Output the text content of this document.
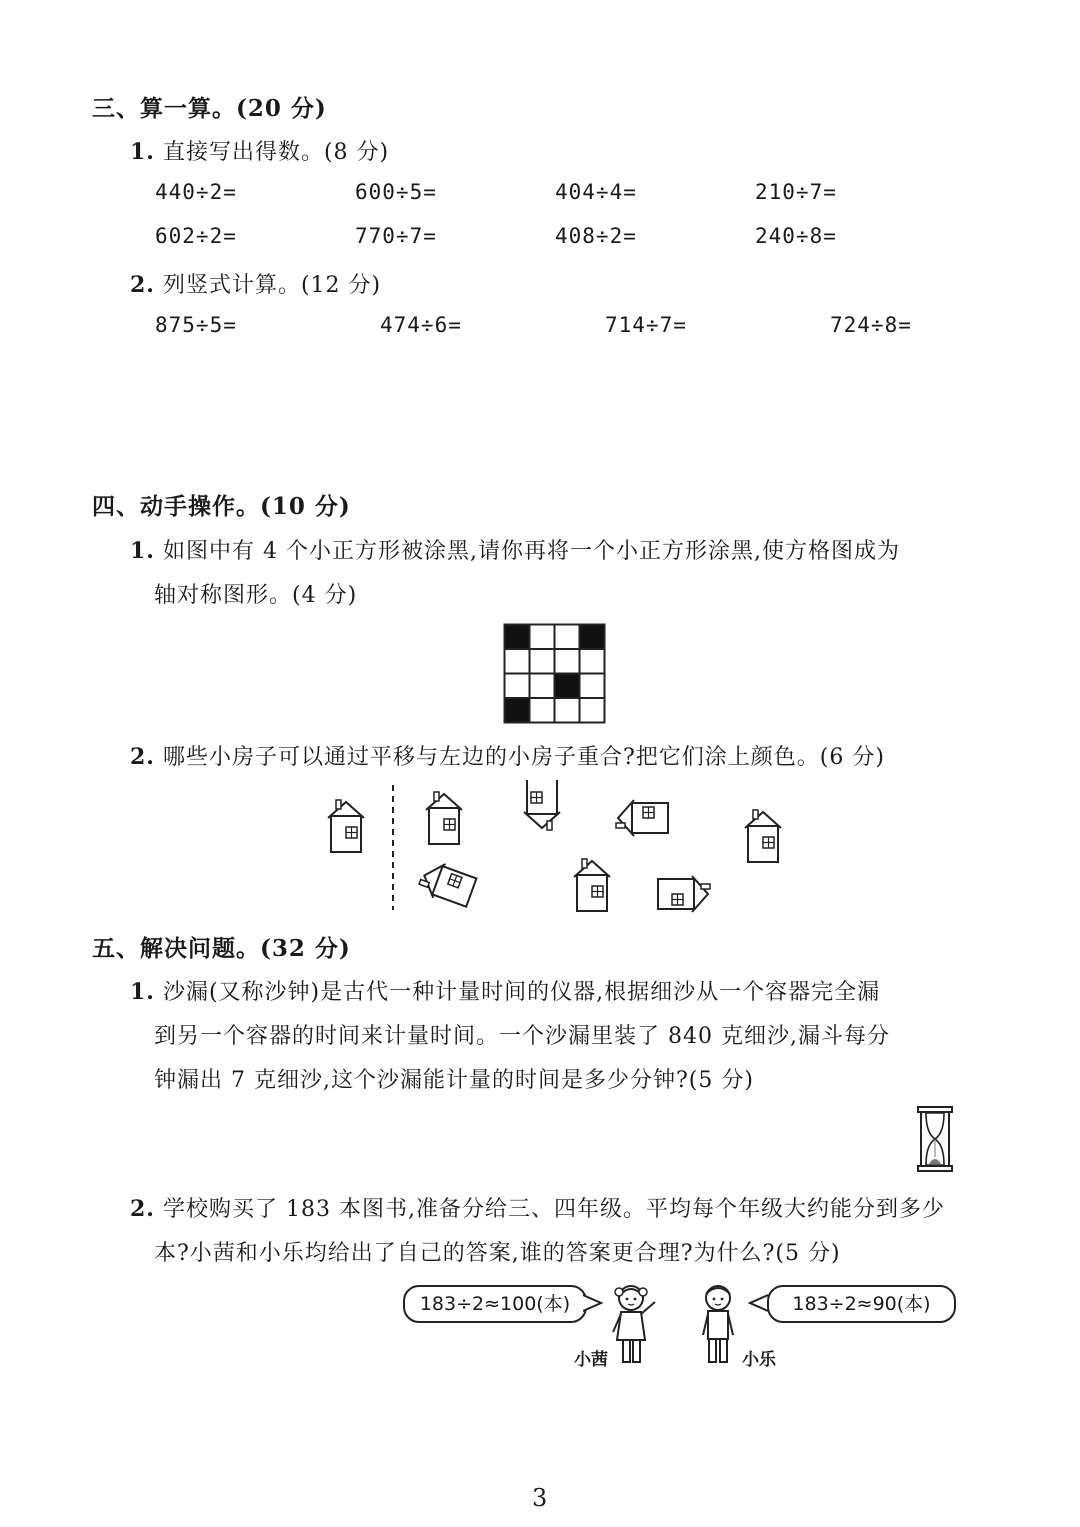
三、算一算。(20 分)
1. 直接写出得数。(8 分)
440÷2=	600÷5=	404÷4=	210÷7=
602÷2=	770÷7=	408÷2=	240÷8=
2. 列竖式计算。(12 分)
875÷5=	474÷6=	714÷7=	724÷8=
四、动手操作。(10 分)
1. 如图中有 4 个小正方形被涂黑,请你再将一个小正方形涂黑,使方格图成为
轴对称图形。(4 分)
2. 哪些小房子可以通过平移与左边的小房子重合?把它们涂上颜色。(6 分)
五、解决问题。(32 分)
1. 沙漏(又称沙钟)是古代一种计量时间的仪器,根据细沙从一个容器完全漏
到另一个容器的时间来计量时间。一个沙漏里装了 840 克细沙,漏斗每分
钟漏出 7 克细沙,这个沙漏能计量的时间是多少分钟?(5 分)
2. 学校购买了 183 本图书,准备分给三、四年级。平均每个年级大约能分到多少
本?小茜和小乐均给出了自己的答案,谁的答案更合理?为什么?(5 分)
183÷2≈100(本)
小茜	小乐
183÷2≈90(本)
3
